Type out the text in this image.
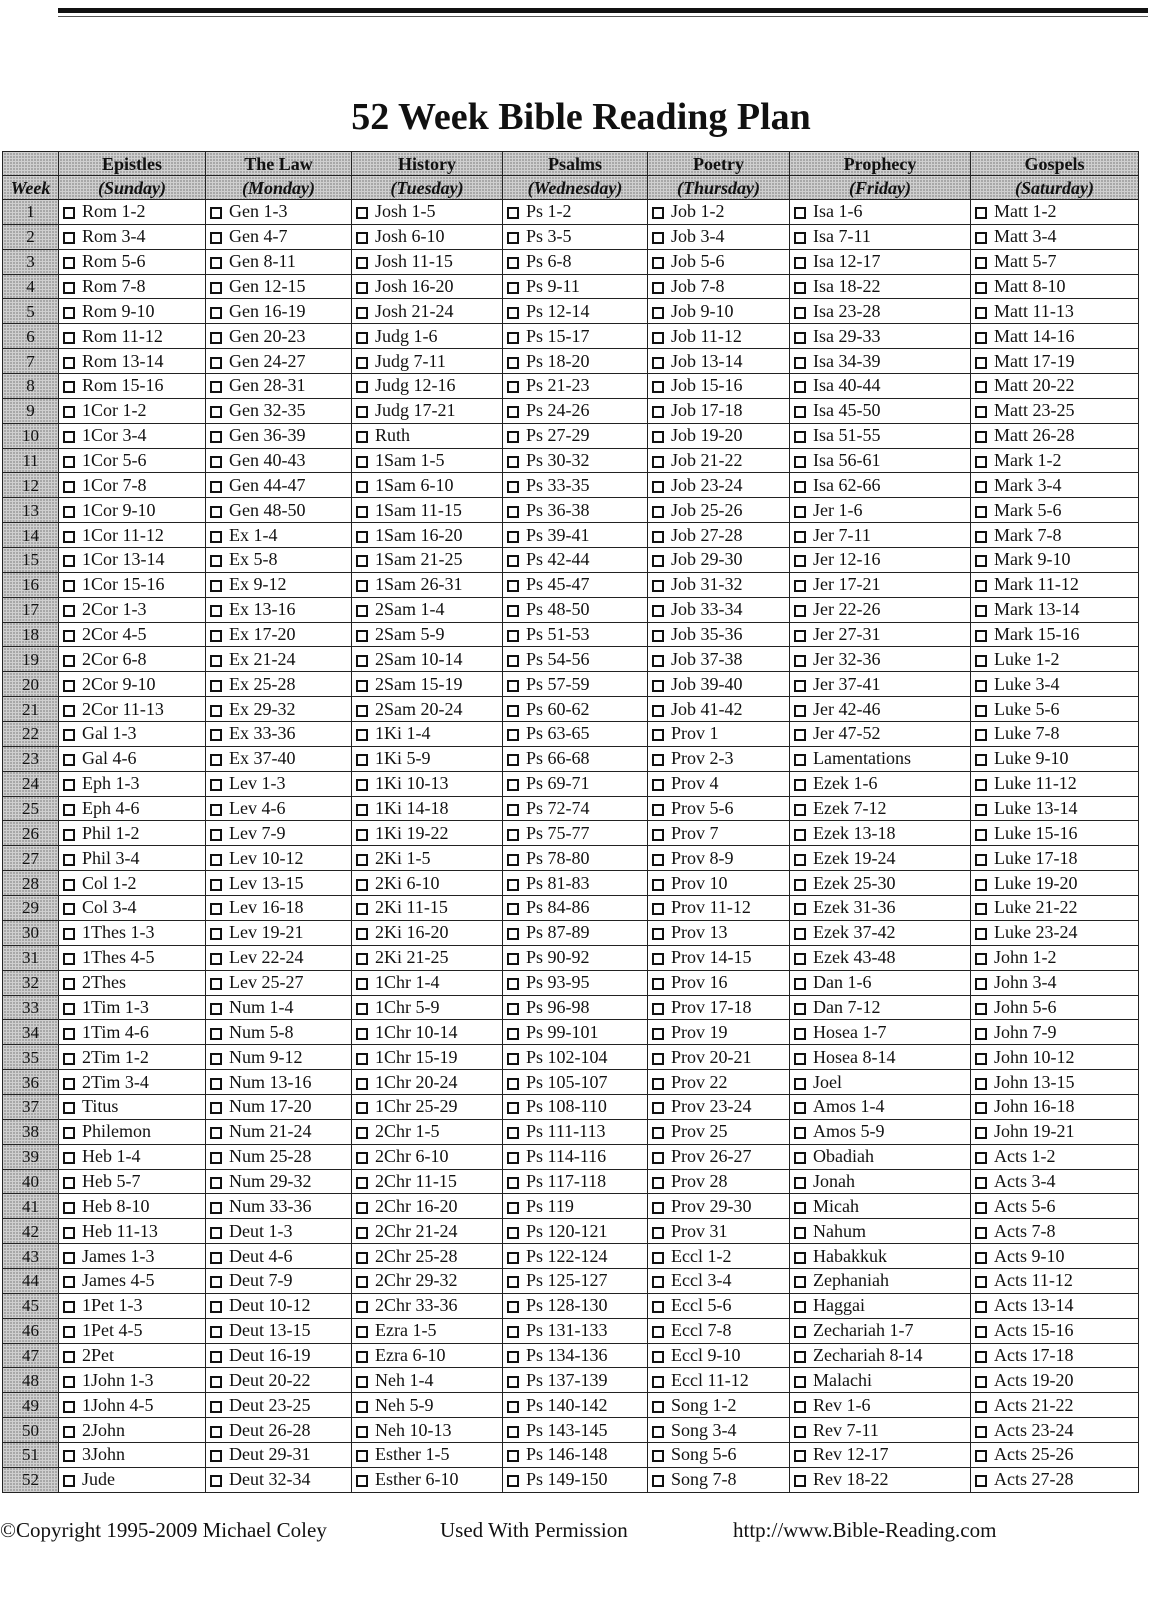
52 Week Bible Reading Plan
	Epistles	The Law	History	Psalms	Poetry	Prophecy	Gospels
Week	(Sunday)	(Monday)	(Tuesday)	(Wednesday)	(Thursday)	(Friday)	(Saturday)
1	Rom 1-2	Gen 1-3	Josh 1-5	Ps 1-2	Job 1-2	Isa 1-6	Matt 1-2
2	Rom 3-4	Gen 4-7	Josh 6-10	Ps 3-5	Job 3-4	Isa 7-11	Matt 3-4
3	Rom 5-6	Gen 8-11	Josh 11-15	Ps 6-8	Job 5-6	Isa 12-17	Matt 5-7
4	Rom 7-8	Gen 12-15	Josh 16-20	Ps 9-11	Job 7-8	Isa 18-22	Matt 8-10
5	Rom 9-10	Gen 16-19	Josh 21-24	Ps 12-14	Job 9-10	Isa 23-28	Matt 11-13
6	Rom 11-12	Gen 20-23	Judg 1-6	Ps 15-17	Job 11-12	Isa 29-33	Matt 14-16
7	Rom 13-14	Gen 24-27	Judg 7-11	Ps 18-20	Job 13-14	Isa 34-39	Matt 17-19
8	Rom 15-16	Gen 28-31	Judg 12-16	Ps 21-23	Job 15-16	Isa 40-44	Matt 20-22
9	1Cor 1-2	Gen 32-35	Judg 17-21	Ps 24-26	Job 17-18	Isa 45-50	Matt 23-25
10	1Cor 3-4	Gen 36-39	Ruth	Ps 27-29	Job 19-20	Isa 51-55	Matt 26-28
11	1Cor 5-6	Gen 40-43	1Sam 1-5	Ps 30-32	Job 21-22	Isa 56-61	Mark 1-2
12	1Cor 7-8	Gen 44-47	1Sam 6-10	Ps 33-35	Job 23-24	Isa 62-66	Mark 3-4
13	1Cor 9-10	Gen 48-50	1Sam 11-15	Ps 36-38	Job 25-26	Jer 1-6	Mark 5-6
14	1Cor 11-12	Ex 1-4	1Sam 16-20	Ps 39-41	Job 27-28	Jer 7-11	Mark 7-8
15	1Cor 13-14	Ex 5-8	1Sam 21-25	Ps 42-44	Job 29-30	Jer 12-16	Mark 9-10
16	1Cor 15-16	Ex 9-12	1Sam 26-31	Ps 45-47	Job 31-32	Jer 17-21	Mark 11-12
17	2Cor 1-3	Ex 13-16	2Sam 1-4	Ps 48-50	Job 33-34	Jer 22-26	Mark 13-14
18	2Cor 4-5	Ex 17-20	2Sam 5-9	Ps 51-53	Job 35-36	Jer 27-31	Mark 15-16
19	2Cor 6-8	Ex 21-24	2Sam 10-14	Ps 54-56	Job 37-38	Jer 32-36	Luke 1-2
20	2Cor 9-10	Ex 25-28	2Sam 15-19	Ps 57-59	Job 39-40	Jer 37-41	Luke 3-4
21	2Cor 11-13	Ex 29-32	2Sam 20-24	Ps 60-62	Job 41-42	Jer 42-46	Luke 5-6
22	Gal 1-3	Ex 33-36	1Ki 1-4	Ps 63-65	Prov 1	Jer 47-52	Luke 7-8
23	Gal 4-6	Ex 37-40	1Ki 5-9	Ps 66-68	Prov 2-3	Lamentations	Luke 9-10
24	Eph 1-3	Lev 1-3	1Ki 10-13	Ps 69-71	Prov 4	Ezek 1-6	Luke 11-12
25	Eph 4-6	Lev 4-6	1Ki 14-18	Ps 72-74	Prov 5-6	Ezek 7-12	Luke 13-14
26	Phil 1-2	Lev 7-9	1Ki 19-22	Ps 75-77	Prov 7	Ezek 13-18	Luke 15-16
27	Phil 3-4	Lev 10-12	2Ki 1-5	Ps 78-80	Prov 8-9	Ezek 19-24	Luke 17-18
28	Col 1-2	Lev 13-15	2Ki 6-10	Ps 81-83	Prov 10	Ezek 25-30	Luke 19-20
29	Col 3-4	Lev 16-18	2Ki 11-15	Ps 84-86	Prov 11-12	Ezek 31-36	Luke 21-22
30	1Thes 1-3	Lev 19-21	2Ki 16-20	Ps 87-89	Prov 13	Ezek 37-42	Luke 23-24
31	1Thes 4-5	Lev 22-24	2Ki 21-25	Ps 90-92	Prov 14-15	Ezek 43-48	John 1-2
32	2Thes	Lev 25-27	1Chr 1-4	Ps 93-95	Prov 16	Dan 1-6	John 3-4
33	1Tim 1-3	Num 1-4	1Chr 5-9	Ps 96-98	Prov 17-18	Dan 7-12	John 5-6
34	1Tim 4-6	Num 5-8	1Chr 10-14	Ps 99-101	Prov 19	Hosea 1-7	John 7-9
35	2Tim 1-2	Num 9-12	1Chr 15-19	Ps 102-104	Prov 20-21	Hosea 8-14	John 10-12
36	2Tim 3-4	Num 13-16	1Chr 20-24	Ps 105-107	Prov 22	Joel	John 13-15
37	Titus	Num 17-20	1Chr 25-29	Ps 108-110	Prov 23-24	Amos 1-4	John 16-18
38	Philemon	Num 21-24	2Chr 1-5	Ps 111-113	Prov 25	Amos 5-9	John 19-21
39	Heb 1-4	Num 25-28	2Chr 6-10	Ps 114-116	Prov 26-27	Obadiah	Acts 1-2
40	Heb 5-7	Num 29-32	2Chr 11-15	Ps 117-118	Prov 28	Jonah	Acts 3-4
41	Heb 8-10	Num 33-36	2Chr 16-20	Ps 119	Prov 29-30	Micah	Acts 5-6
42	Heb 11-13	Deut 1-3	2Chr 21-24	Ps 120-121	Prov 31	Nahum	Acts 7-8
43	James 1-3	Deut 4-6	2Chr 25-28	Ps 122-124	Eccl 1-2	Habakkuk	Acts 9-10
44	James 4-5	Deut 7-9	2Chr 29-32	Ps 125-127	Eccl 3-4	Zephaniah	Acts 11-12
45	1Pet 1-3	Deut 10-12	2Chr 33-36	Ps 128-130	Eccl 5-6	Haggai	Acts 13-14
46	1Pet 4-5	Deut 13-15	Ezra 1-5	Ps 131-133	Eccl 7-8	Zechariah 1-7	Acts 15-16
47	2Pet	Deut 16-19	Ezra 6-10	Ps 134-136	Eccl 9-10	Zechariah 8-14	Acts 17-18
48	1John 1-3	Deut 20-22	Neh 1-4	Ps 137-139	Eccl 11-12	Malachi	Acts 19-20
49	1John 4-5	Deut 23-25	Neh 5-9	Ps 140-142	Song 1-2	Rev 1-6	Acts 21-22
50	2John	Deut 26-28	Neh 10-13	Ps 143-145	Song 3-4	Rev 7-11	Acts 23-24
51	3John	Deut 29-31	Esther 1-5	Ps 146-148	Song 5-6	Rev 12-17	Acts 25-26
52	Jude	Deut 32-34	Esther 6-10	Ps 149-150	Song 7-8	Rev 18-22	Acts 27-28
©Copyright 1995-2009 Michael Coley	Used With Permission	http://www.Bible-Reading.com
